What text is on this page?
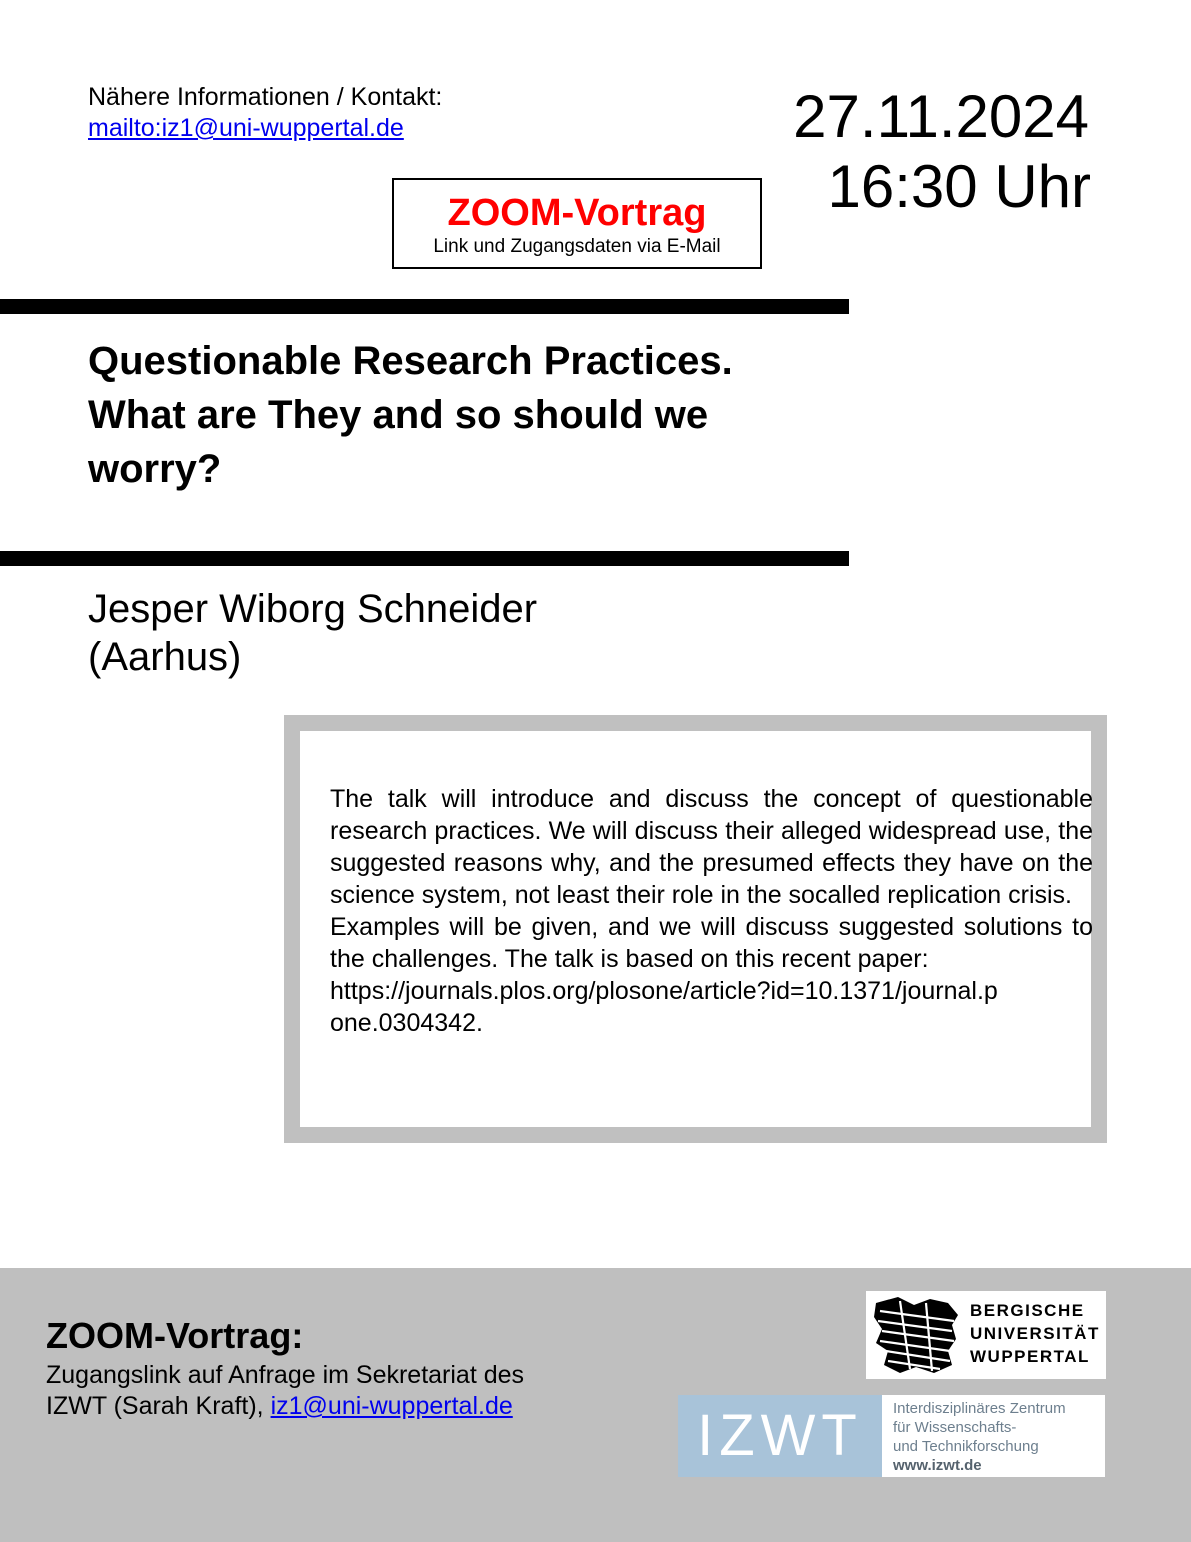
Nähere Informationen / Kontakt:
mailto:iz1@uni-wuppertal.de	27.11.2024
16:30 Uhr
ZOOM-Vortrag
Link und Zugangsdaten via E-Mail
Questionable Research Practices.
What are They and so should we
worry?
Jesper Wiborg Schneider
(Aarhus)

The talk will introduce and discuss the concept of questionable research practices. We will discuss their alleged widespread use, the suggested reasons why, and the presumed effects they have on the science system, not least their role in the socalled replication crisis.

Examples will be given, and we will discuss suggested solutions to the challenges. The talk is based on this recent paper:

https://journals.plos.org/plosone/article?id=10.1371/journal.p
one.0304342.

ZOOM-Vortrag:
Zugangslink auf Anfrage im Sekretariat des
IZWT (Sarah Kraft), iz1@uni-wuppertal.de
BERGISCHE
UNIVERSITÄT
WUPPERTAL
IZWT	Interdisziplinäres Zentrum
für Wissenschafts-
und Technikforschung
www.izwt.de
